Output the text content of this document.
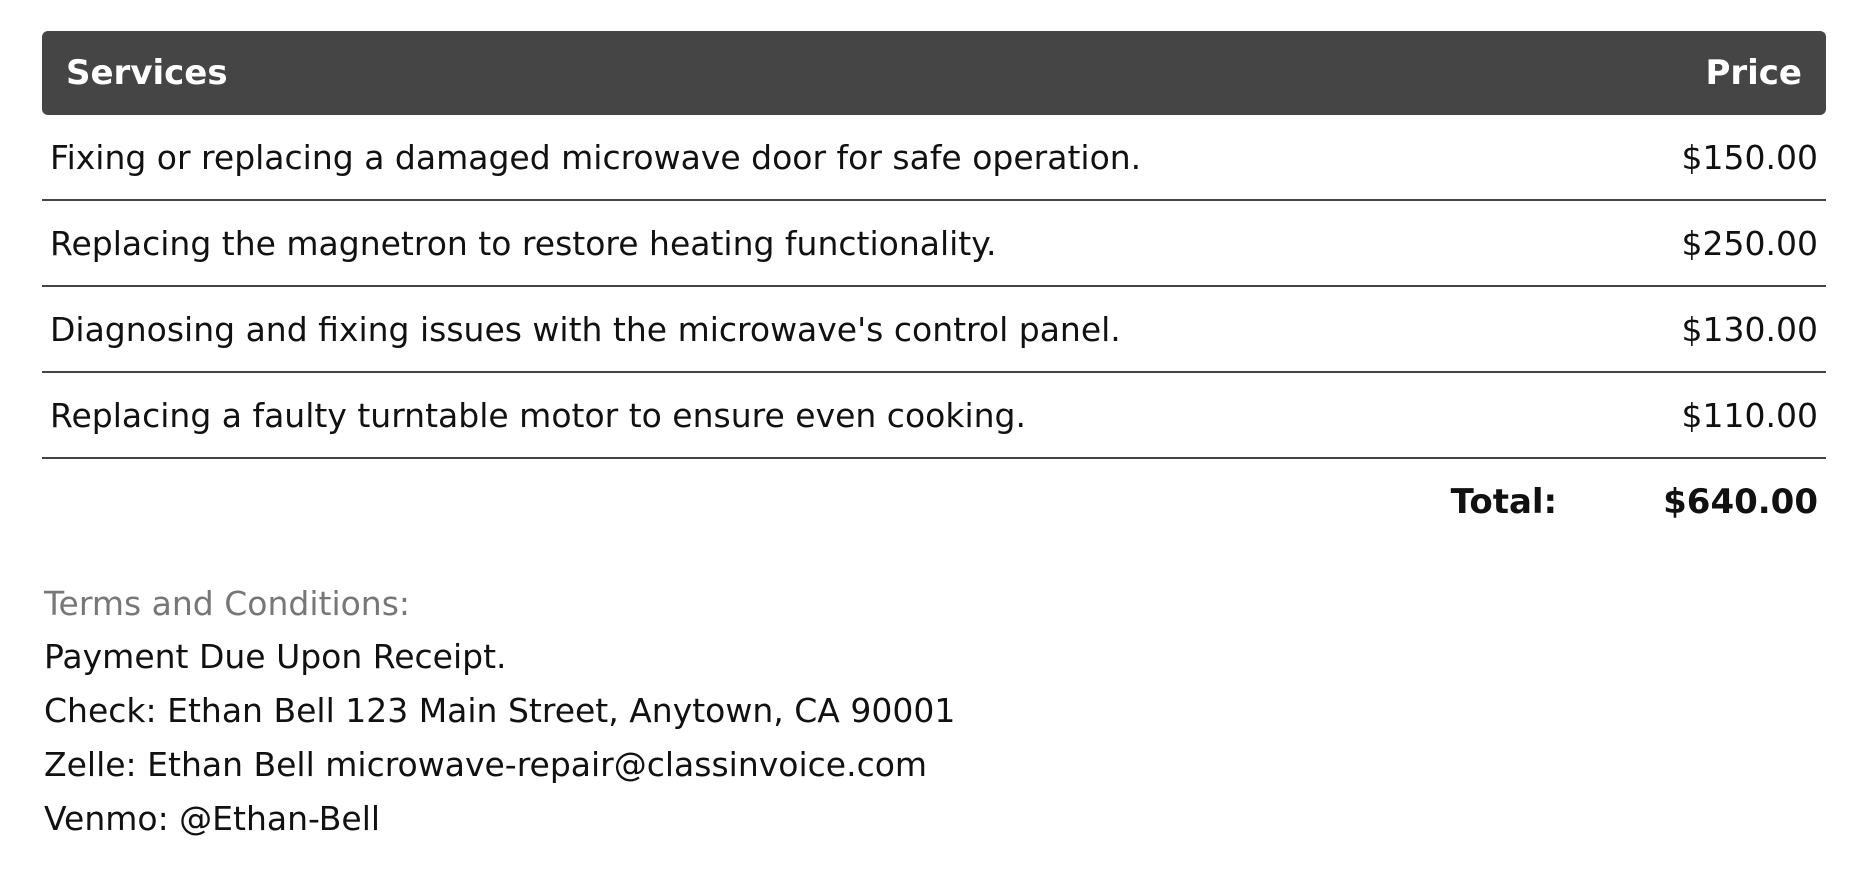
Services	Price
Fixing or replacing a damaged microwave door for safe operation.	$150.00
Replacing the magnetron to restore heating functionality.	$250.00
Diagnosing and fixing issues with the microwave's control panel.	$130.00
Replacing a faulty turntable motor to ensure even cooking.	$110.00
Total:	$640.00
Terms and Conditions:
Payment Due Upon Receipt.
Check: Ethan Bell 123 Main Street, Anytown, CA 90001
Zelle: Ethan Bell microwave-repair@classinvoice.com
Venmo: @Ethan-Bell
